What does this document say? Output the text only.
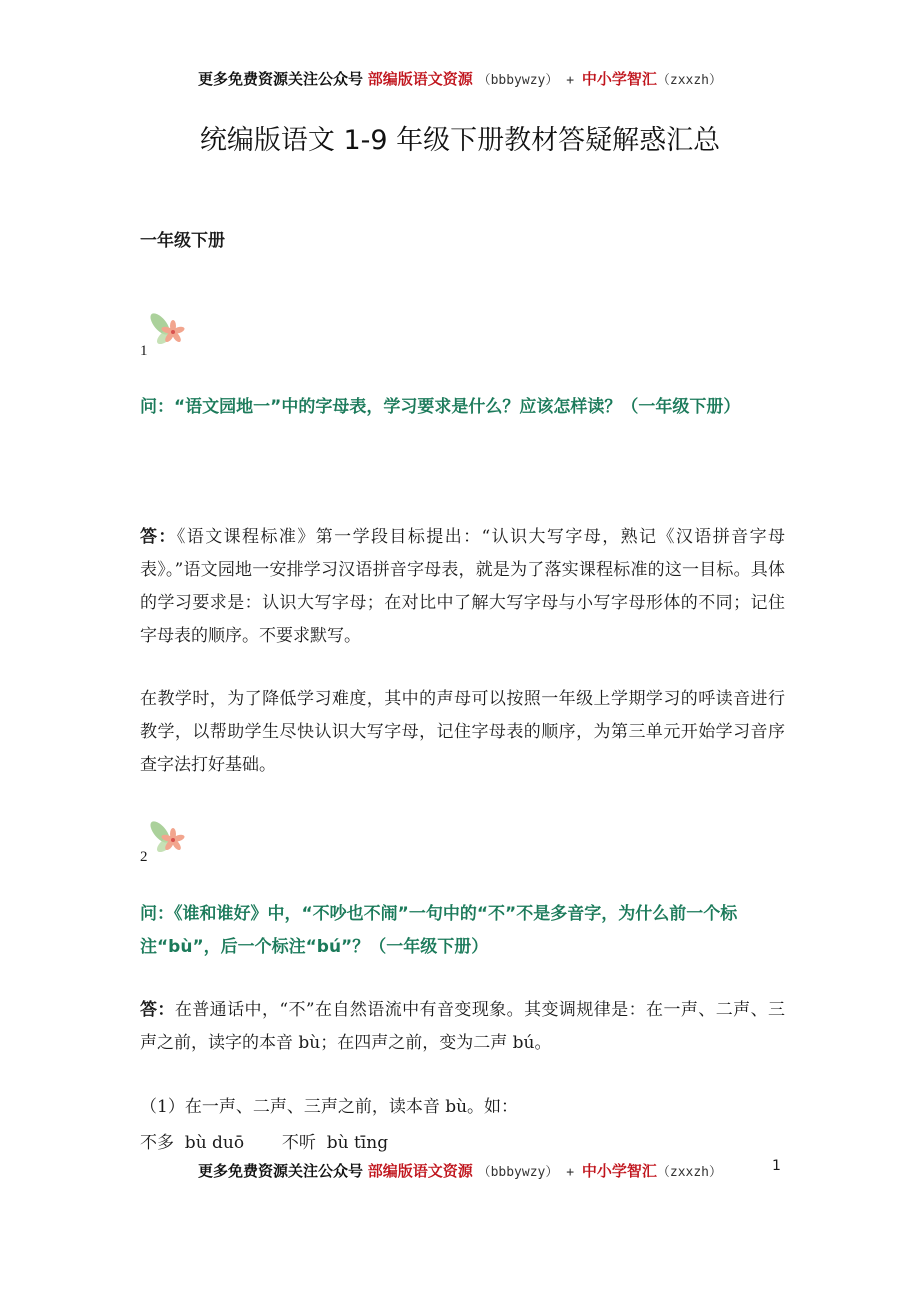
更多免费资源关注公众号 部编版语文资源 （bbbywzy） + 中小学智汇（zxxzh）
统编版语文 1-9 年级下册教材答疑解惑汇总
一年级下册
1
问：“语文园地一”中的字母表，学习要求是什么？应该怎样读？（一年级下册）
答：《语文课程标准》第一学段目标提出：“认识大写字母，熟记《汉语拼音字母表》。”语文园地一安排学习汉语拼音字母表，就是为了落实课程标准的这一目标。具体的学习要求是：认识大写字母；在对比中了解大写字母与小写字母形体的不同；记住字母表的顺序。不要求默写。
在教学时，为了降低学习难度，其中的声母可以按照一年级上学期学习的呼读音进行教学，以帮助学生尽快认识大写字母，记住字母表的顺序，为第三单元开始学习音序查字法打好基础。
2
问：《谁和谁好》中，“不吵也不闹”一句中的“不”不是多音字，为什么前一个标注“bù”，后一个标注“bú”？（一年级下册）
答：在普通话中，“不”在自然语流中有音变现象。其变调规律是：在一声、二声、三声之前，读字的本音 bù；在四声之前，变为二声 bú。
（1）在一声、二声、三声之前，读本音 bù。如：
不多  bù duō       不听  bù tīng
更多免费资源关注公众号 部编版语文资源 （bbbywzy） + 中小学智汇（zxxzh）	1
